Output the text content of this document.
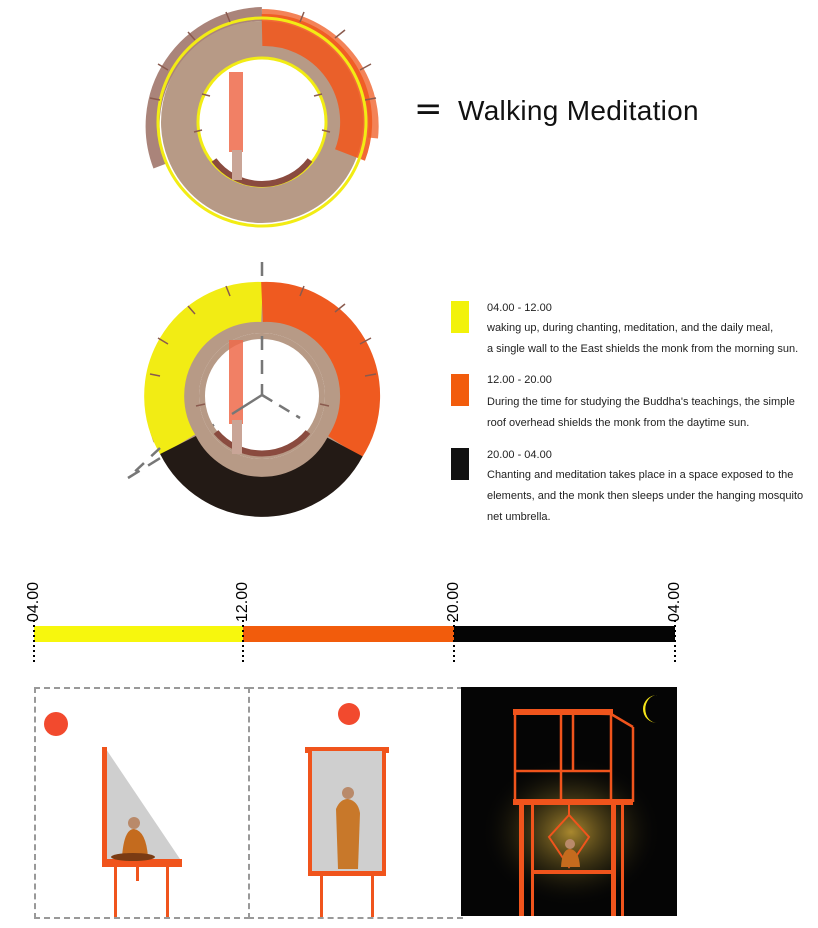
= Walking Meditation
04.00 - 12.00
waking up, during chanting, meditation, and the daily meal,
a single wall to the East shields the monk from the morning sun.
12.00 - 20.00
During the time for studying the Buddha's teachings, the simple
roof overhead shields the monk from the daytime sun.
20.00 - 04.00
Chanting and meditation takes place in a space exposed to the
elements, and the monk then sleeps under the hanging mosquito
net umbrella.
04.00	12.00	20.00	04.00
